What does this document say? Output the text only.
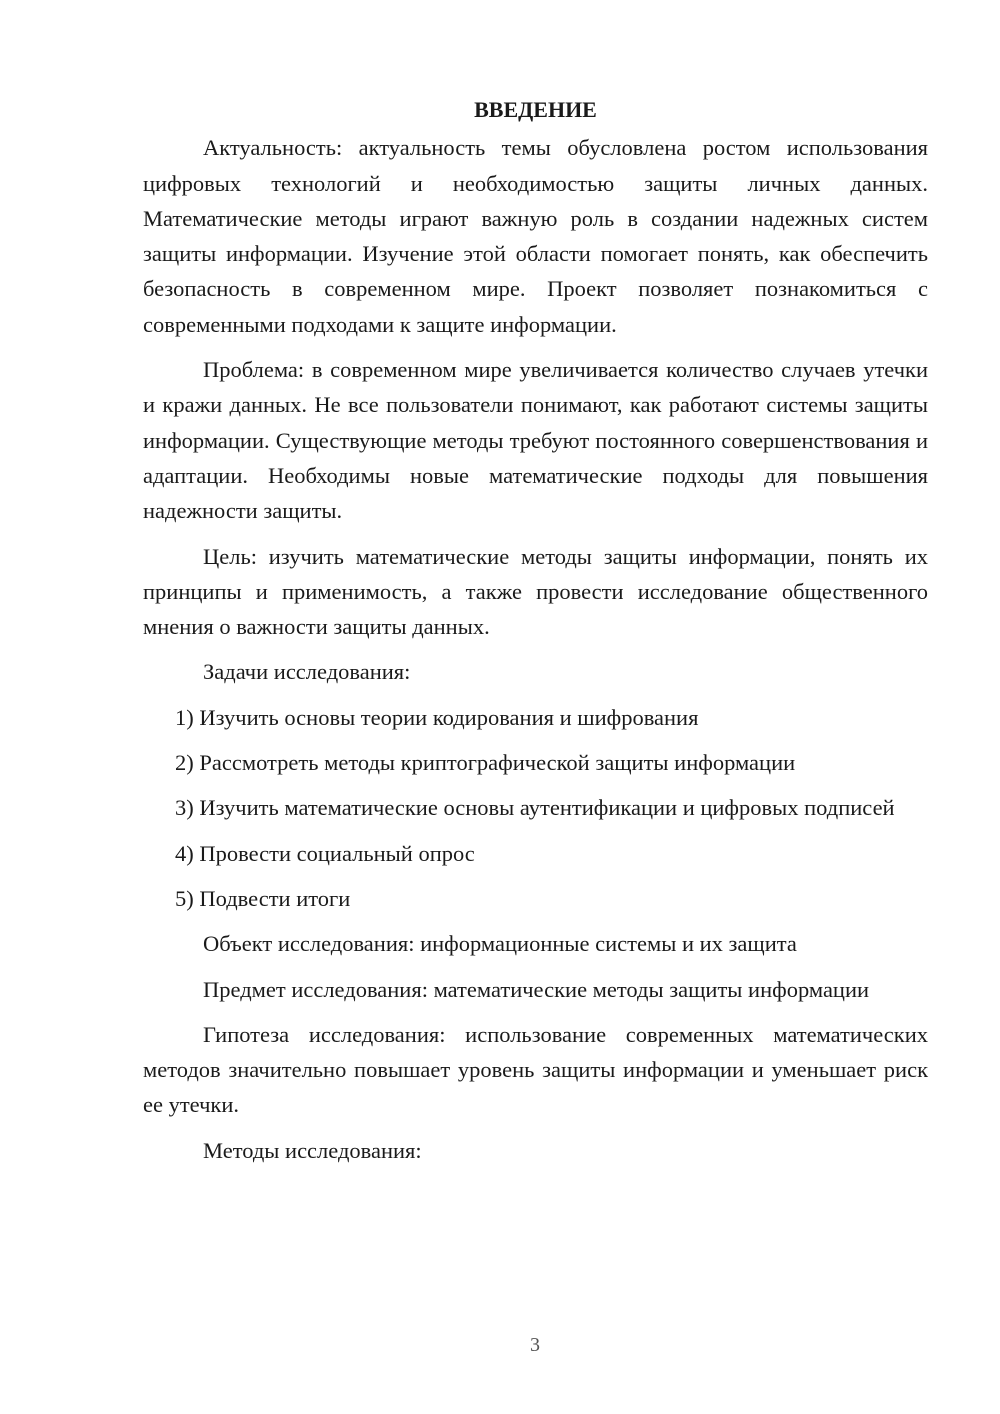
ВВЕДЕНИЕ
Актуальность: актуальность темы обусловлена ростом использования цифровых технологий и необходимостью защиты личных данных. Математические методы играют важную роль в создании надежных систем защиты информации. Изучение этой области помогает понять, как обеспечить безопасность в современном мире. Проект позволяет познакомиться с современными подходами к защите информации.
Проблема: в современном мире увеличивается количество случаев утечки и кражи данных. Не все пользователи понимают, как работают системы защиты информации. Существующие методы требуют постоянного совершенствования и адаптации. Необходимы новые математические подходы для повышения надежности защиты.
Цель: изучить математические методы защиты информации, понять их принципы и применимость, а также провести исследование общественного мнения о важности защиты данных.
Задачи исследования:
1) Изучить основы теории кодирования и шифрования
2) Рассмотреть методы криптографической защиты информации
3) Изучить математические основы аутентификации и цифровых подписей
4) Провести социальный опрос
5) Подвести итоги
Объект исследования: информационные системы и их защита
Предмет исследования: математические методы защиты информации
Гипотеза исследования: использование современных математических методов значительно повышает уровень защиты информации и уменьшает риск ее утечки.
Методы исследования:
3
